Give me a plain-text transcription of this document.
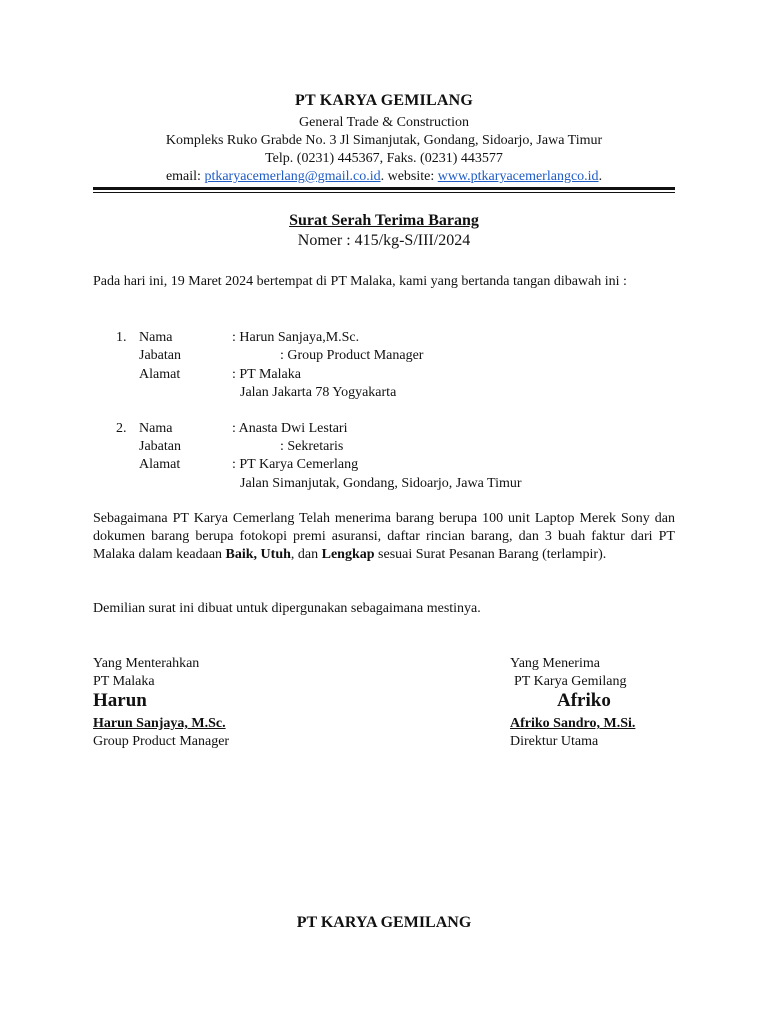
PT KARYA GEMILANG
General Trade & Construction
Kompleks Ruko Grabde No. 3 Jl Simanjutak, Gondang, Sidoarjo, Jawa Timur
Telp. (0231) 445367, Faks. (0231) 443577
email: ptkaryacemerlang@gmail.co.id. website: www.ptkaryacemerlangco.id.
Surat Serah Terima Barang
Nomer : 415/kg-S/III/2024
Pada hari ini, 19 Maret 2024 bertempat di PT Malaka, kami yang bertanda tangan dibawah ini :
1. Nama	: Harun Sanjaya,M.Sc.
Jabatan	: Group Product Manager
Alamat	: PT Malaka
Jalan Jakarta 78 Yogyakarta
2. Nama	: Anasta Dwi Lestari
Jabatan	: Sekretaris
Alamat	: PT Karya Cemerlang
Jalan Simanjutak, Gondang, Sidoarjo, Jawa Timur
Sebagaimana PT Karya Cemerlang Telah menerima barang berupa 100 unit Laptop Merek Sony dan dokumen barang berupa fotokopi premi asuransi, daftar rincian barang, dan 3 buah faktur dari PT Malaka dalam keadaan Baik, Utuh, dan Lengkap sesuai Surat Pesanan Barang (terlampir).
Demilian surat ini dibuat untuk dipergunakan sebagaimana mestinya.
Yang Menterahkan
PT Malaka
Harun
Harun Sanjaya, M.Sc.
Group Product Manager
Yang Menerima
PT Karya Gemilang
Afriko
Afriko Sandro, M.Si.
Direktur Utama
PT KARYA GEMILANG
